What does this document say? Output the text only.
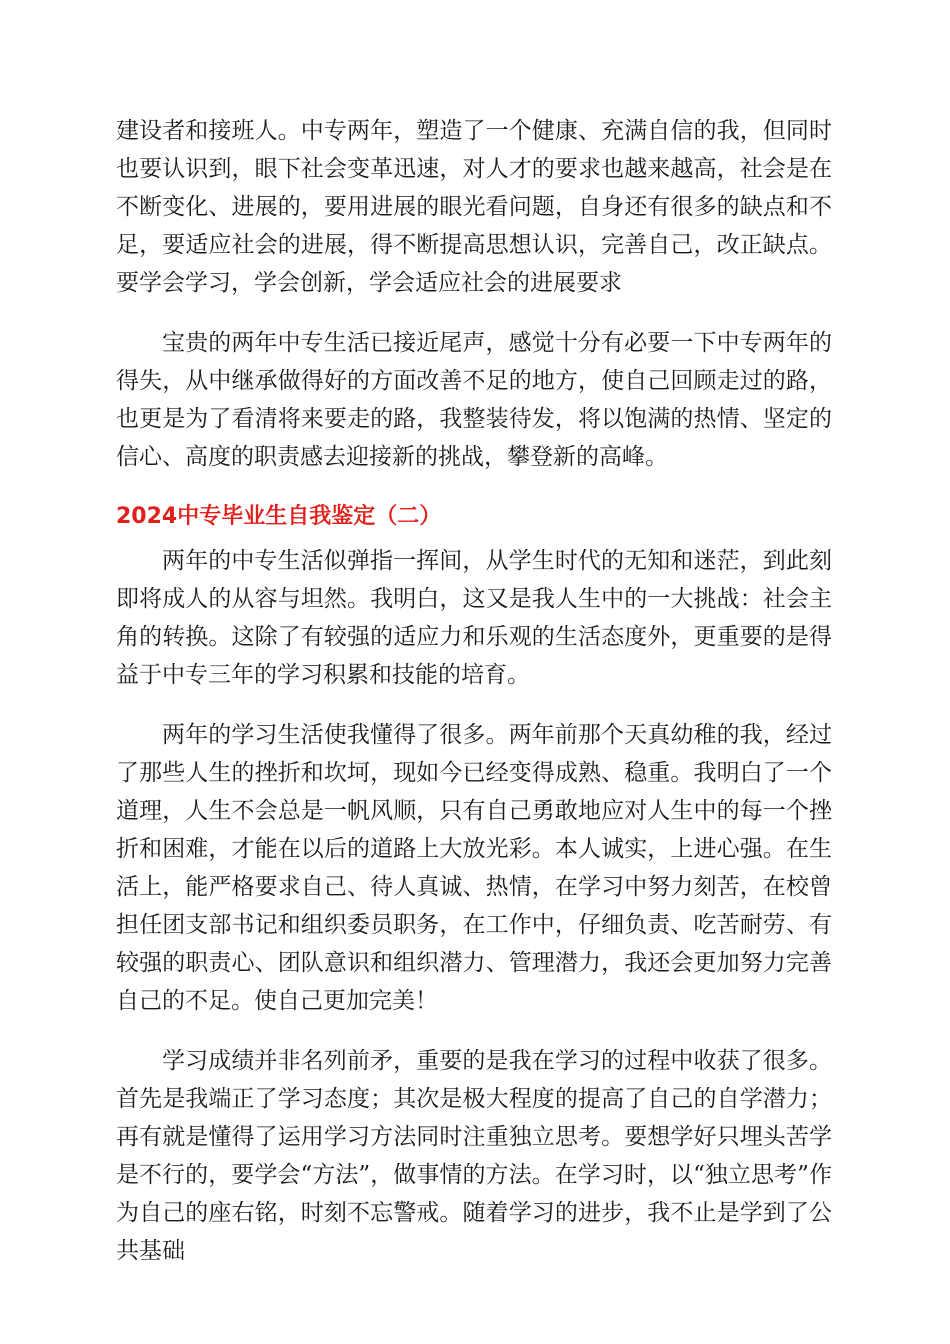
建设者和接班人。中专两年，塑造了一个健康、充满自信的我，但同时也要认识到，眼下社会变革迅速，对人才的要求也越来越高，社会是在不断变化、进展的，要用进展的眼光看问题，自身还有很多的缺点和不足，要适应社会的进展，得不断提高思想认识，完善自己，改正缺点。要学会学习，学会创新，学会适应社会的进展要求

宝贵的两年中专生活已接近尾声，感觉十分有必要一下中专两年的得失，从中继承做得好的方面改善不足的地方，使自己回顾走过的路，也更是为了看清将来要走的路，我整装待发，将以饱满的热情、坚定的信心、高度的职责感去迎接新的挑战，攀登新的高峰。

2024中专毕业生自我鉴定（二）

两年的中专生活似弹指一挥间，从学生时代的无知和迷茫，到此刻即将成人的从容与坦然。我明白，这又是我人生中的一大挑战：社会主角的转换。这除了有较强的适应力和乐观的生活态度外，更重要的是得益于中专三年的学习积累和技能的培育。

两年的学习生活使我懂得了很多。两年前那个天真幼稚的我，经过了那些人生的挫折和坎坷，现如今已经变得成熟、稳重。我明白了一个道理，人生不会总是一帆风顺，只有自己勇敢地应对人生中的每一个挫折和困难，才能在以后的道路上大放光彩。本人诚实，上进心强。在生活上，能严格要求自己、待人真诚、热情，在学习中努力刻苦，在校曾担任团支部书记和组织委员职务，在工作中，仔细负责、吃苦耐劳、有较强的职责心、团队意识和组织潜力、管理潜力，我还会更加努力完善自己的不足。使自己更加完美！

学习成绩并非名列前矛，重要的是我在学习的过程中收获了很多。首先是我端正了学习态度；其次是极大程度的提高了自己的自学潜力；再有就是懂得了运用学习方法同时注重独立思考。要想学好只埋头苦学是不行的，要学会“方法”，做事情的方法。在学习时，以“独立思考”作为自己的座右铭，时刻不忘警戒。随着学习的进步，我不止是学到了公共基础
